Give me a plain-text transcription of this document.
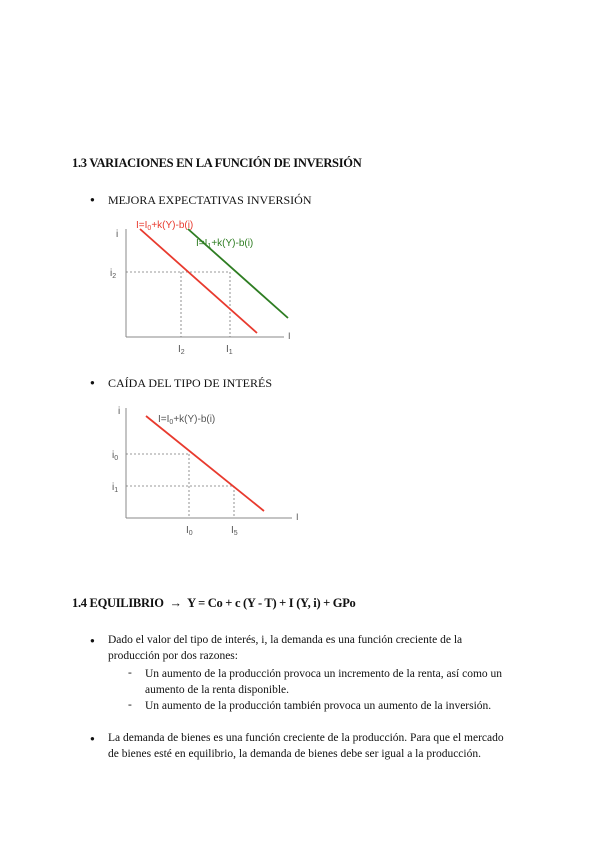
1.3 VARIACIONES EN LA FUNCIÓN DE INVERSIÓN
● MEJORA EXPECTATIVAS INVERSIÓN
i
I
$I=I_0+k(Y)-b(i)$
$I=I_1+k(Y)-b(i)$
$i_2$
$I_2$	$I_1$
● CAÍDA DEL TIPO DE INTERÉS
i
I
$I=I_0+k(Y)-b(i)$
$i_0$
$i_1$
$I_0$	$I_5$
1.4 EQUILIBRIO → Y = Co + c (Y - T) + I (Y, i) + GPo
● Dado el valor del tipo de interés, i, la demanda es una función creciente de la
producción por dos razones:
- Un aumento de la producción provoca un incremento de la renta, así como un
aumento de la renta disponible.
- Un aumento de la producción también provoca un aumento de la inversión.
● La demanda de bienes es una función creciente de la producción. Para que el mercado
de bienes esté en equilibrio, la demanda de bienes debe ser igual a la producción.
